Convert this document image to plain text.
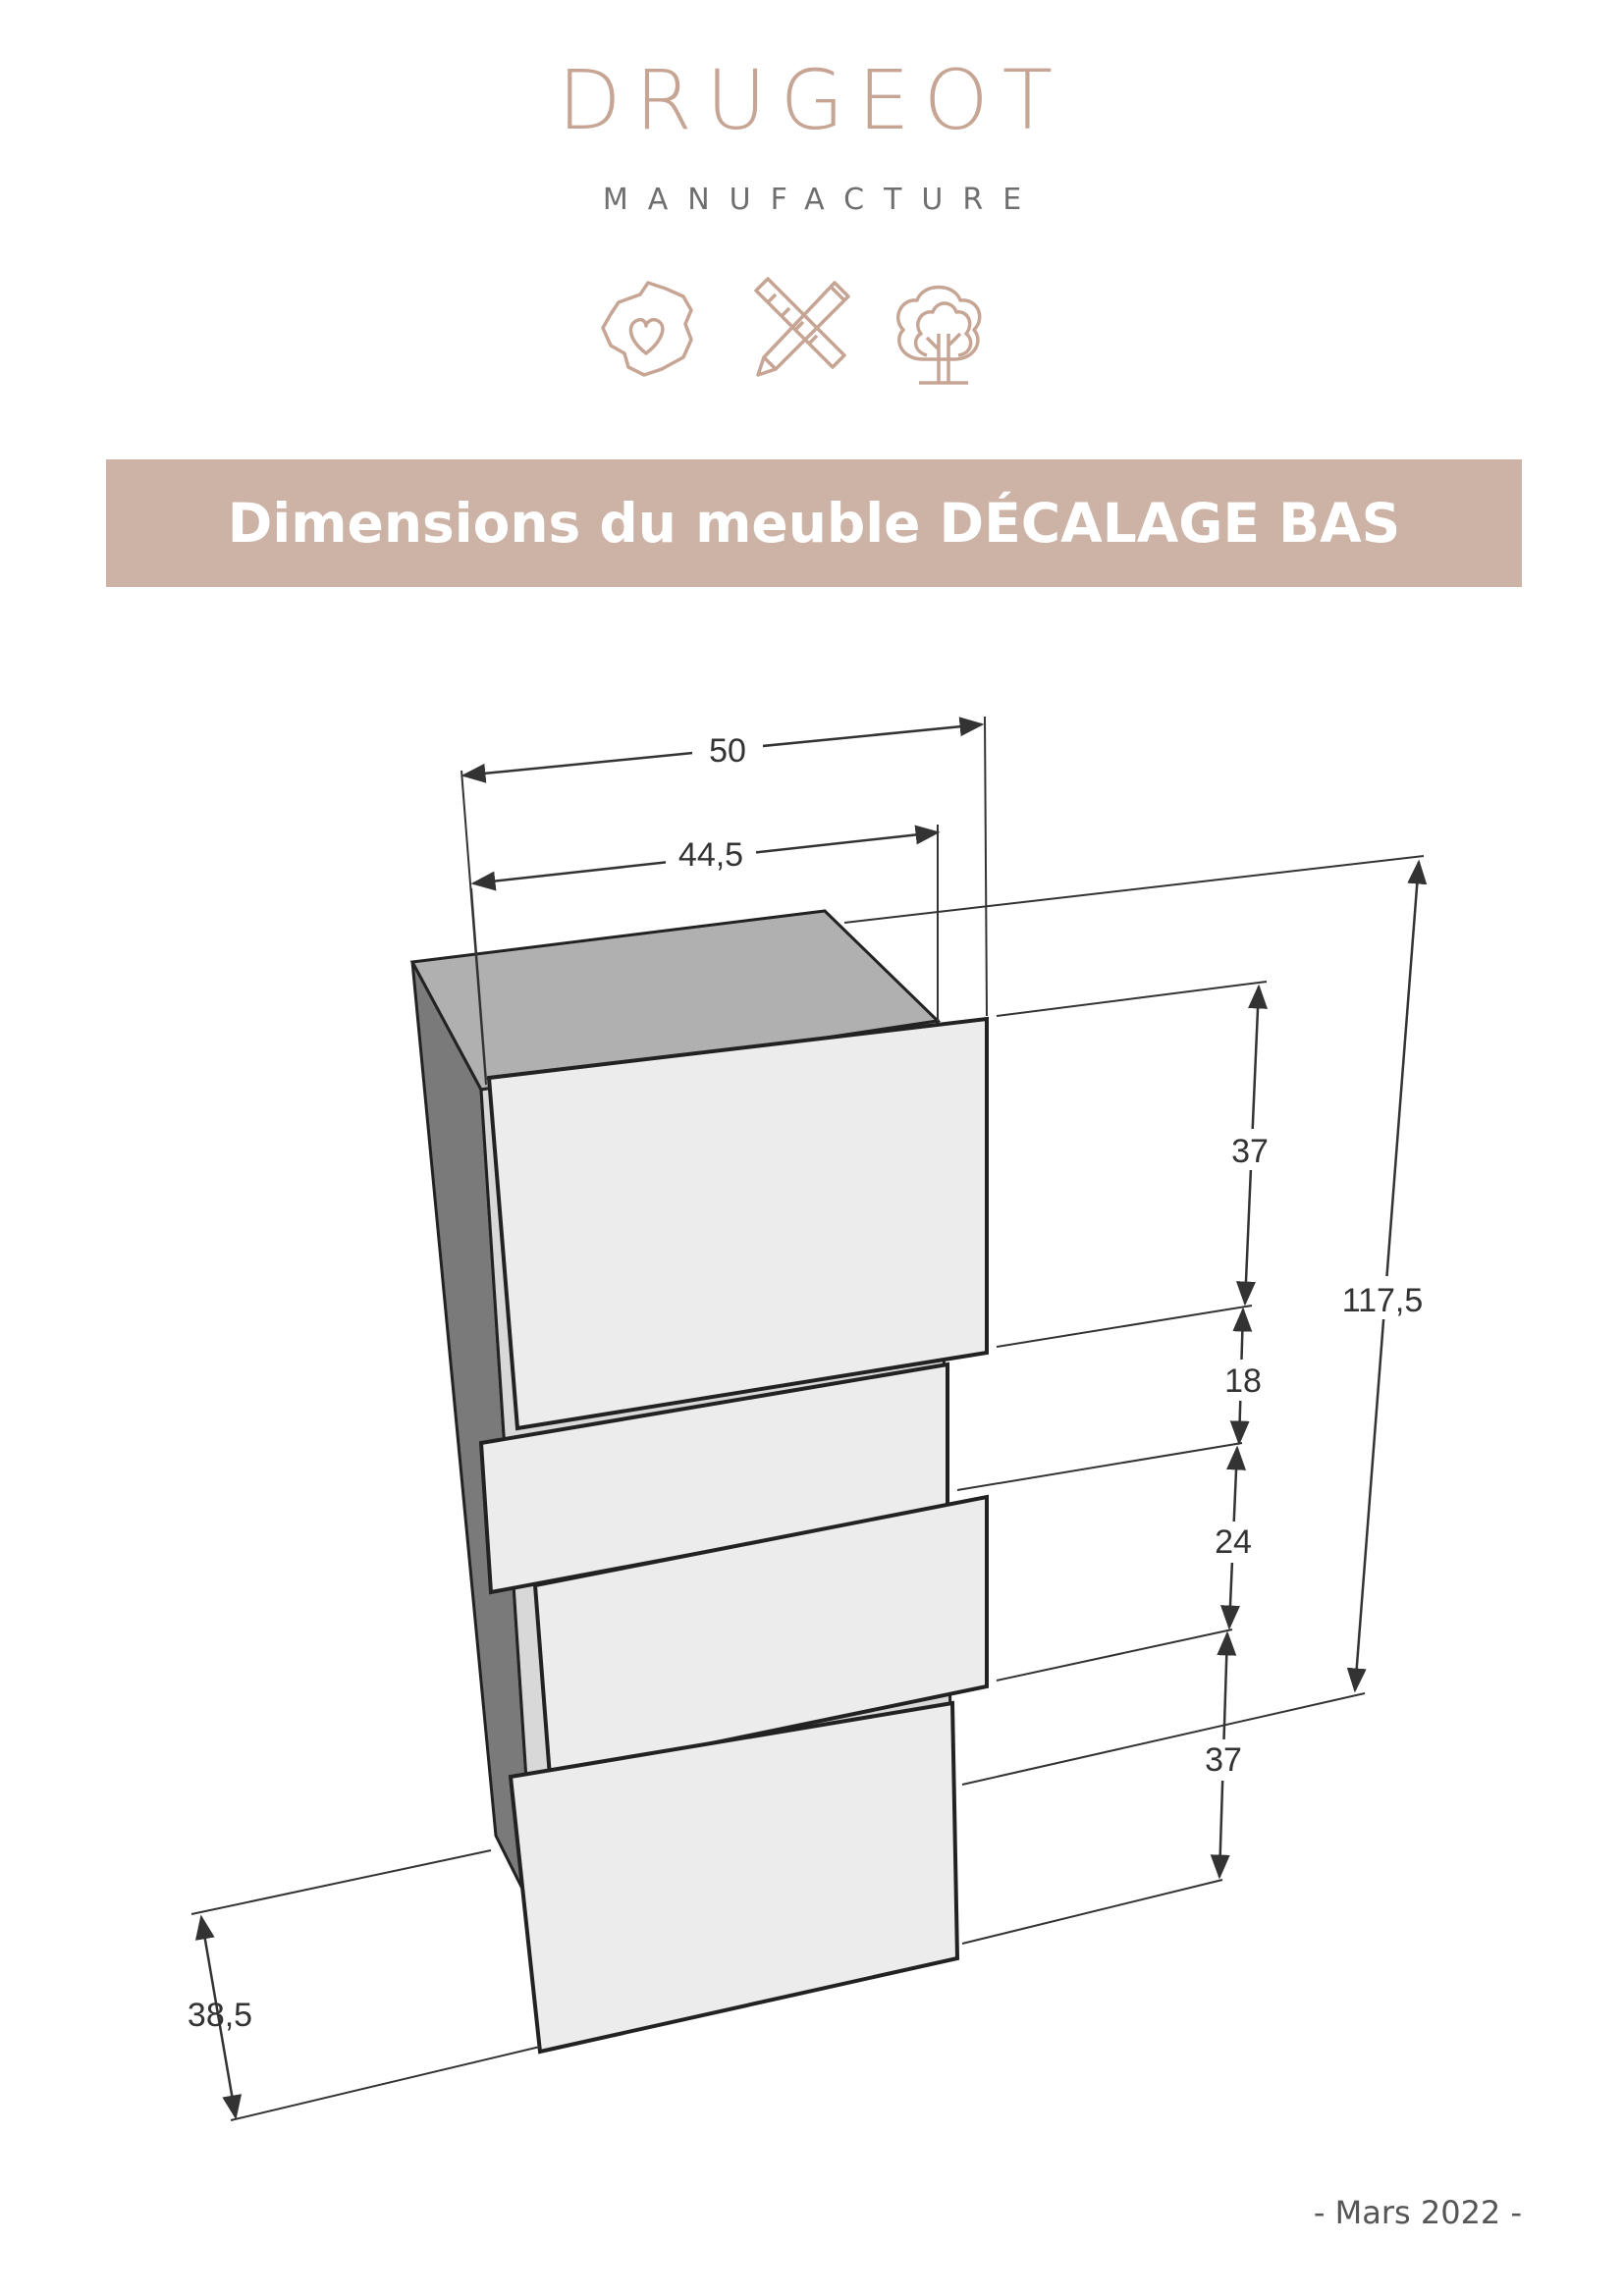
DRUGEOT
MANUFACTURE
Dimensions du meuble DÉCALAGE BAS
50
44,5
117,5
37
18
24
37
38,5
- Mars 2022 -
